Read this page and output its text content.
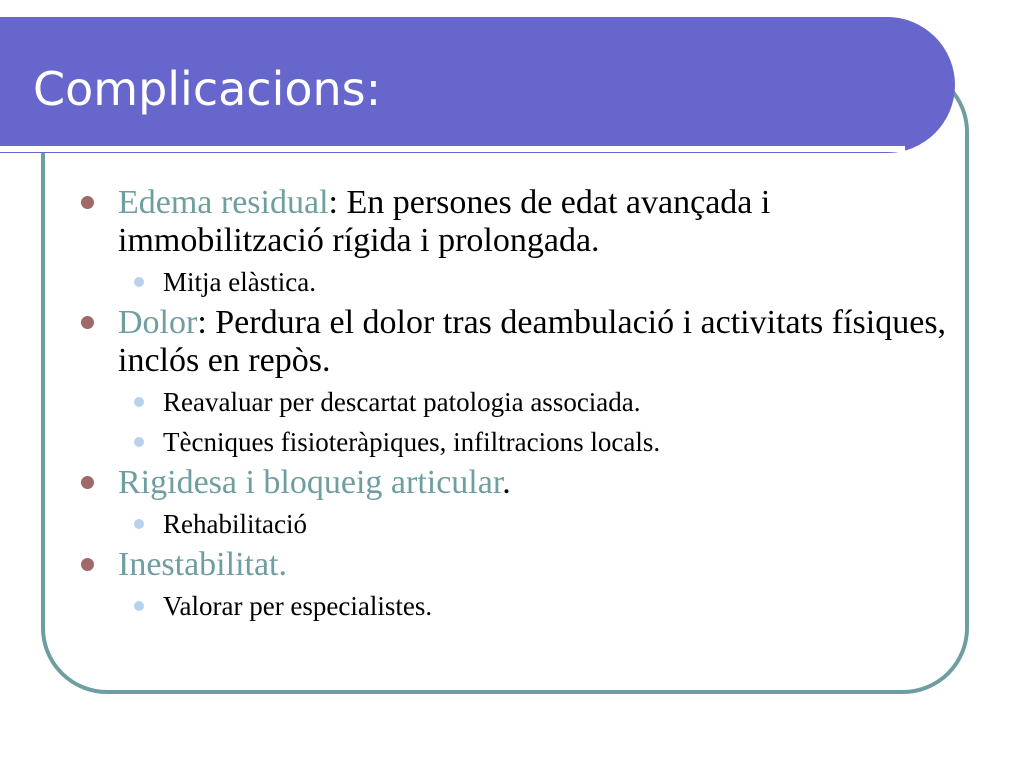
Complicacions:
Edema residual: En persones de edat avançada i immobilització rígida i prolongada.
Mitja elàstica.
Dolor: Perdura el dolor tras deambulació i activitats físiques, inclós en repòs.
Reavaluar per descartat patologia associada.
Tècniques fisioteràpiques, infiltracions locals.
Rigidesa i bloqueig articular.
Rehabilitació
Inestabilitat.
Valorar per especialistes.
